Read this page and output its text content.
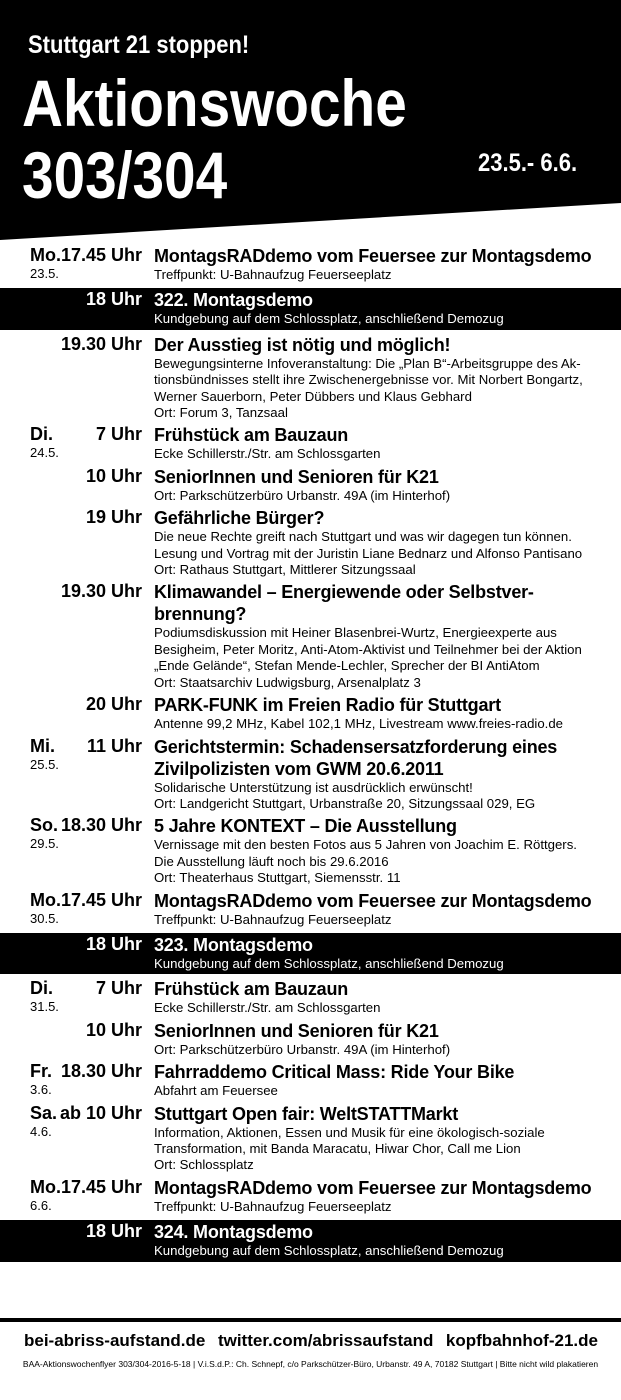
Stuttgart 21 stoppen!
Aktionswoche
303/304	23.5.- 6.6.
Mo. 17.45 Uhr
23.5.
MontagsRADdemo vom Feuersee zur Montagsdemo
Treffpunkt: U-Bahnaufzug Feuerseeplatz
18 Uhr 322. Montagsdemo
Kundgebung auf dem Schlossplatz, anschließend Demozug
19.30 Uhr Der Ausstieg ist nötig und möglich!
Bewegungsinterne Infoveranstaltung: Die „Plan B“-Arbeitsgruppe des Ak-
tionsbündnisses stellt ihre Zwischenergebnisse vor. Mit Norbert Bongartz,
Werner Sauerborn, Peter Dübbers und Klaus Gebhard
Ort: Forum 3, Tanzsaal
Di. 7 Uhr
24.5.
Frühstück am Bauzaun
Ecke Schillerstr./Str. am Schlossgarten
10 Uhr SeniorInnen und Senioren für K21
Ort: Parkschützerbüro Urbanstr. 49A (im Hinterhof)
19 Uhr Gefährliche Bürger?
Die neue Rechte greift nach Stuttgart und was wir dagegen tun können.
Lesung und Vortrag mit der Juristin Liane Bednarz und Alfonso Pantisano
Ort: Rathaus Stuttgart, Mittlerer Sitzungssaal
19.30 Uhr Klimawandel – Energiewende oder Selbstver-brennung?
Podiumsdiskussion mit Heiner Blasenbrei-Wurtz, Energieexperte aus
Besigheim, Peter Moritz, Anti-Atom-Aktivist und Teilnehmer bei der Aktion
„Ende Gelände“, Stefan Mende-Lechler, Sprecher der BI AntiAtom
Ort: Staatsarchiv Ludwigsburg, Arsenalplatz 3
20 Uhr PARK-FUNK im Freien Radio für Stuttgart
Antenne 99,2 MHz, Kabel 102,1 MHz, Livestream www.freies-radio.de
Mi. 11 Uhr
25.5.
Gerichtstermin: Schadensersatzforderung eines Zivilpolizisten vom GWM 20.6.2011
Solidarische Unterstützung ist ausdrücklich erwünscht!
Ort: Landgericht Stuttgart, Urbanstraße 20, Sitzungssaal 029, EG
So. 18.30 Uhr
29.5.
5 Jahre KONTEXT – Die Ausstellung
Vernissage mit den besten Fotos aus 5 Jahren von Joachim E. Röttgers.
Die Ausstellung läuft noch bis 29.6.2016
Ort: Theaterhaus Stuttgart, Siemensstr. 11
Mo. 17.45 Uhr
30.5.
MontagsRADdemo vom Feuersee zur Montagsdemo
Treffpunkt: U-Bahnaufzug Feuerseeplatz
18 Uhr 323. Montagsdemo
Kundgebung auf dem Schlossplatz, anschließend Demozug
Di. 7 Uhr
31.5.
Frühstück am Bauzaun
Ecke Schillerstr./Str. am Schlossgarten
10 Uhr SeniorInnen und Senioren für K21
Ort: Parkschützerbüro Urbanstr. 49A (im Hinterhof)
Fr. 18.30 Uhr
3.6.
Fahrraddemo Critical Mass: Ride Your Bike
Abfahrt am Feuersee
Sa. ab 10 Uhr
4.6.
Stuttgart Open fair: WeltSTATTMarkt
Information, Aktionen, Essen und Musik für eine ökologisch-soziale
Transformation, mit Banda Maracatu, Hiwar Chor, Call me Lion
Ort: Schlossplatz
Mo. 17.45 Uhr
6.6.
MontagsRADdemo vom Feuersee zur Montagsdemo
Treffpunkt: U-Bahnaufzug Feuerseeplatz
18 Uhr 324. Montagsdemo
Kundgebung auf dem Schlossplatz, anschließend Demozug
bei-abriss-aufstand.de twitter.com/abrissaufstand kopfbahnhof-21.de
BAA-Aktionswochenflyer 303/304-2016-5-18 | V.i.S.d.P.: Ch. Schnepf, c/o Parkschützer-Büro, Urbanstr. 49 A, 70182 Stuttgart | Bitte nicht wild plakatieren
